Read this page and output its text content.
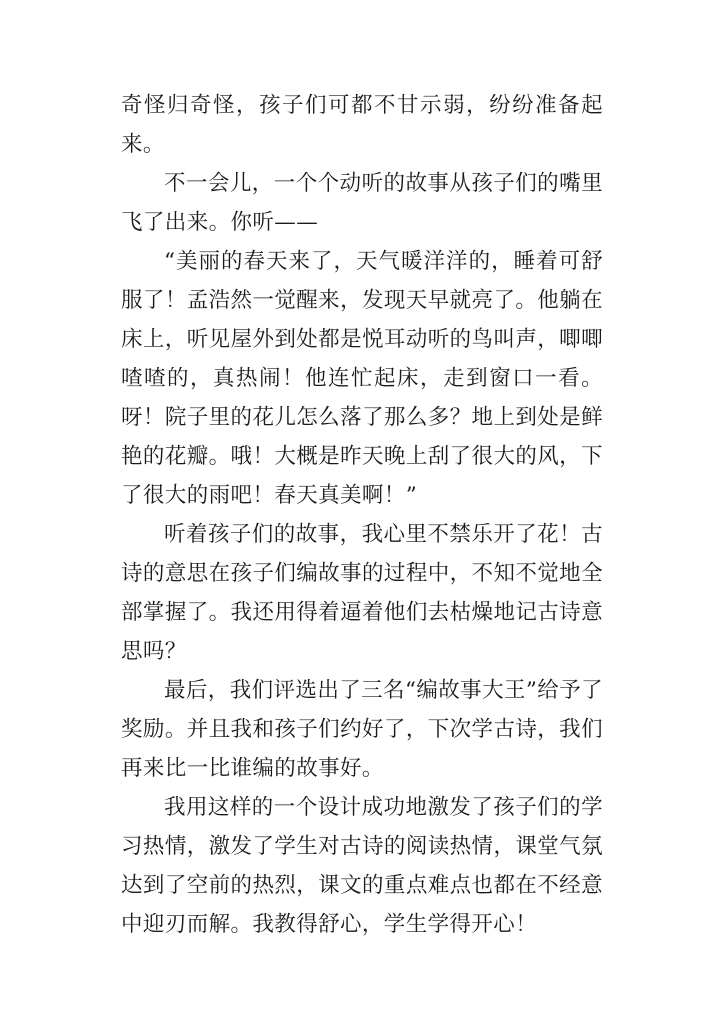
奇怪归奇怪，孩子们可都不甘示弱，纷纷准备起来。

不一会儿，一个个动听的故事从孩子们的嘴里飞了出来。你听——

“美丽的春天来了，天气暖洋洋的，睡着可舒服了！孟浩然一觉醒来，发现天早就亮了。他躺在床上，听见屋外到处都是悦耳动听的鸟叫声，唧唧喳喳的，真热闹！他连忙起床，走到窗口一看。呀！院子里的花儿怎么落了那么多？地上到处是鲜艳的花瓣。哦！大概是昨天晚上刮了很大的风，下了很大的雨吧！春天真美啊！”

听着孩子们的故事，我心里不禁乐开了花！古诗的意思在孩子们编故事的过程中，不知不觉地全部掌握了。我还用得着逼着他们去枯燥地记古诗意思吗？

最后，我们评选出了三名“编故事大王”给予了奖励。并且我和孩子们约好了，下次学古诗，我们再来比一比谁编的故事好。

我用这样的一个设计成功地激发了孩子们的学习热情，激发了学生对古诗的阅读热情，课堂气氛达到了空前的热烈，课文的重点难点也都在不经意中迎刃而解。我教得舒心，学生学得开心！
